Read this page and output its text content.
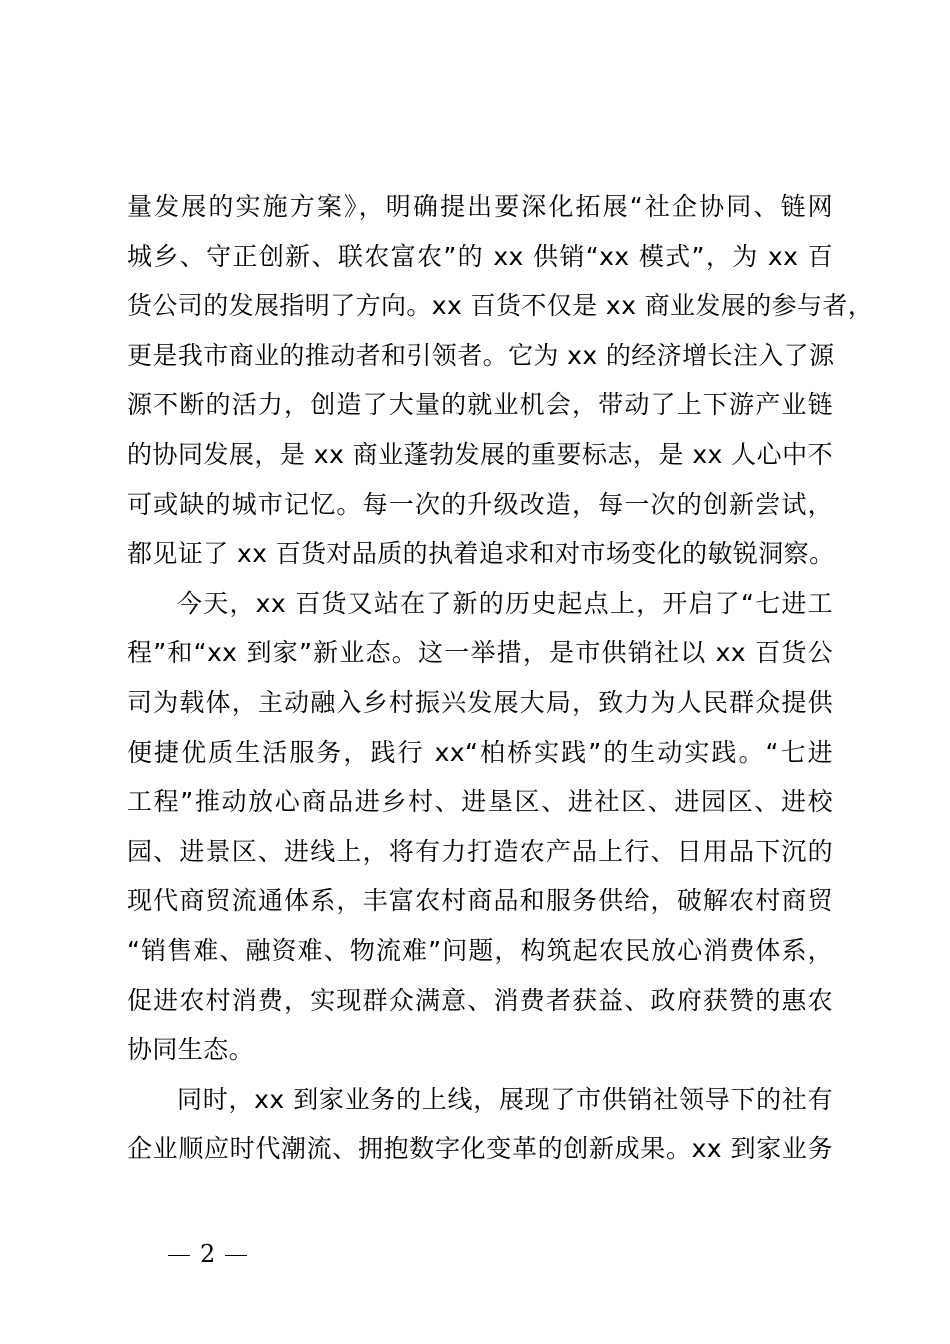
量发展的实施方案》，明确提出要深化拓展“社企协同、链网
城乡、守正创新、联农富农”的 xx 供销“xx 模式”，为 xx 百
货公司的发展指明了方向。xx 百货不仅是 xx 商业发展的参与者，
更是我市商业的推动者和引领者。它为 xx 的经济增长注入了源
源不断的活力，创造了大量的就业机会，带动了上下游产业链
的协同发展，是 xx 商业蓬勃发展的重要标志，是 xx 人心中不
可或缺的城市记忆。每一次的升级改造，每一次的创新尝试，
都见证了 xx 百货对品质的执着追求和对市场变化的敏锐洞察。
今天，xx 百货又站在了新的历史起点上，开启了“七进工
程”和“xx 到家”新业态。这一举措，是市供销社以 xx 百货公
司为载体，主动融入乡村振兴发展大局，致力为人民群众提供
便捷优质生活服务，践行 xx“柏桥实践”的生动实践。“七进
工程”推动放心商品进乡村、进垦区、进社区、进园区、进校
园、进景区、进线上，将有力打造农产品上行、日用品下沉的
现代商贸流通体系，丰富农村商品和服务供给，破解农村商贸
“销售难、融资难、物流难”问题，构筑起农民放心消费体系，
促进农村消费，实现群众满意、消费者获益、政府获赞的惠农
协同生态。
同时，xx 到家业务的上线，展现了市供销社领导下的社有
企业顺应时代潮流、拥抱数字化变革的创新成果。xx 到家业务
2
